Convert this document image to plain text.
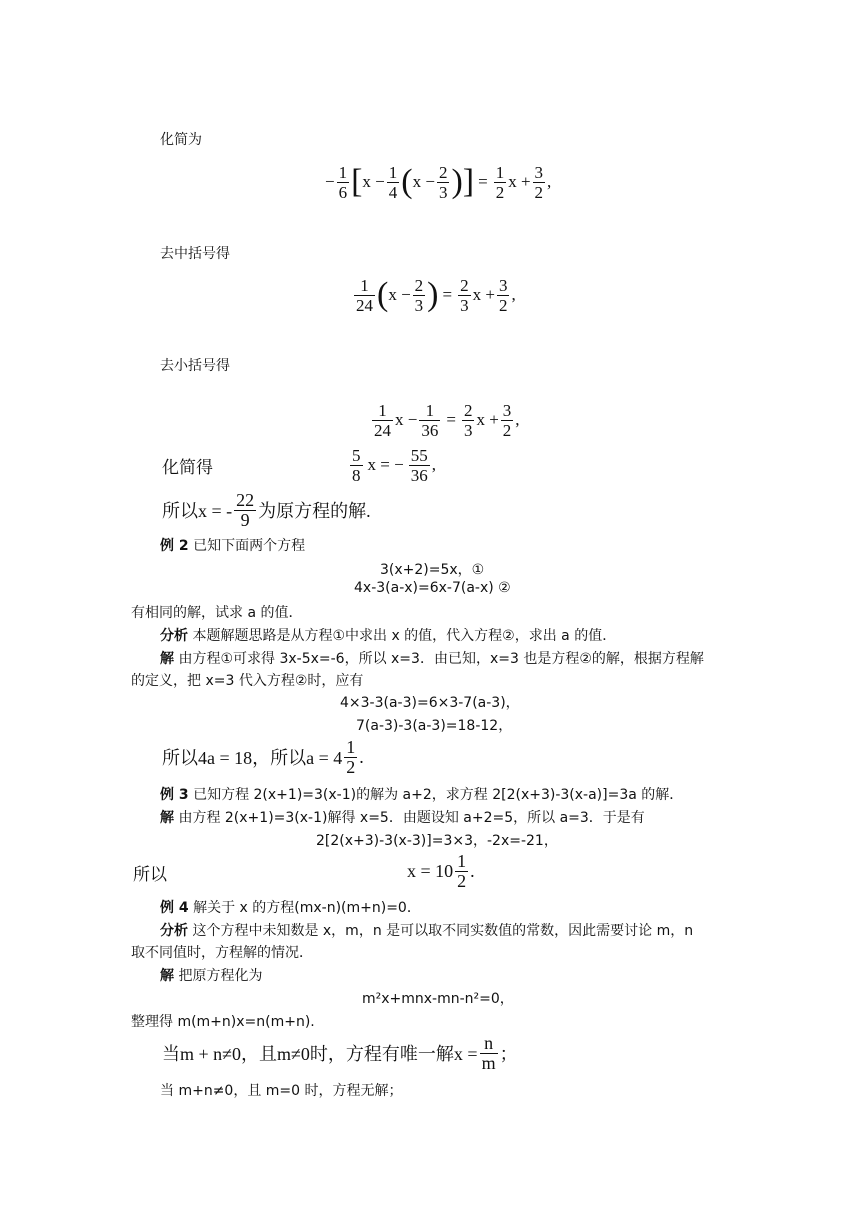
化简为
− $\frac{1}{6}$ [ $x - \frac{1}{4}$ ( $x - \frac{2}{3}$ ) ] = $\frac{1}{2}$ $x + \frac{3}{2}$ ,
去中括号得
$\frac{1}{24}$ ( $x - \frac{2}{3}$ ) = $\frac{2}{3}$ $x + \frac{3}{2}$ ,
去小括号得
$\frac{1}{24}$ $x - \frac{1}{36} = \frac{2}{3}$ $x + \frac{3}{2}$ ,
化简得	$\frac{5}{8}$ x = − $\frac{55}{36}$ ,
所以x = - $\frac{22}{9}$ 为原方程的解.
例 2 已知下面两个方程
3(x+2)=5x，①
4x-3(a-x)=6x-7(a-x) ②
有相同的解，试求 a 的值．
分析 本题解题思路是从方程①中求出 x 的值，代入方程②，求出 a 的值．
解 由方程①可求得 3x-5x=-6，所以 x=3．由已知，x=3 也是方程②的解，根据方程解
的定义，把 x=3 代入方程②时，应有
4×3-3(a-3)=6×3-7(a-3)，
7(a-3)-3(a-3)=18-12，
所以4a = 18，所以$a = 4 \frac{1}{2}$ .
例 3 已知方程 2(x+1)=3(x-1)的解为 a+2，求方程 2[2(x+3)-3(x-a)]=3a 的解．
解 由方程 2(x+1)=3(x-1)解得 x=5．由题设知 a+2=5，所以 a=3．于是有
2[2(x+3)-3(x-3)]=3×3，-2x=-21，
所以	$x = 10 \frac{1}{2}$ .
例 4 解关于 x 的方程(mx-n)(m+n)=0．
分析 这个方程中未知数是 x，m，n 是可以取不同实数值的常数，因此需要讨论 m，n
取不同值时，方程解的情况．
解 把原方程化为
m²x+mnx-mn-n²=0，
整理得 m(m+n)x=n(m+n).
当m + n≠0，且m≠0时，方程有唯一解$x = \frac{n}{m}$ ；
当 m+n≠0，且 m=0 时，方程无解；
